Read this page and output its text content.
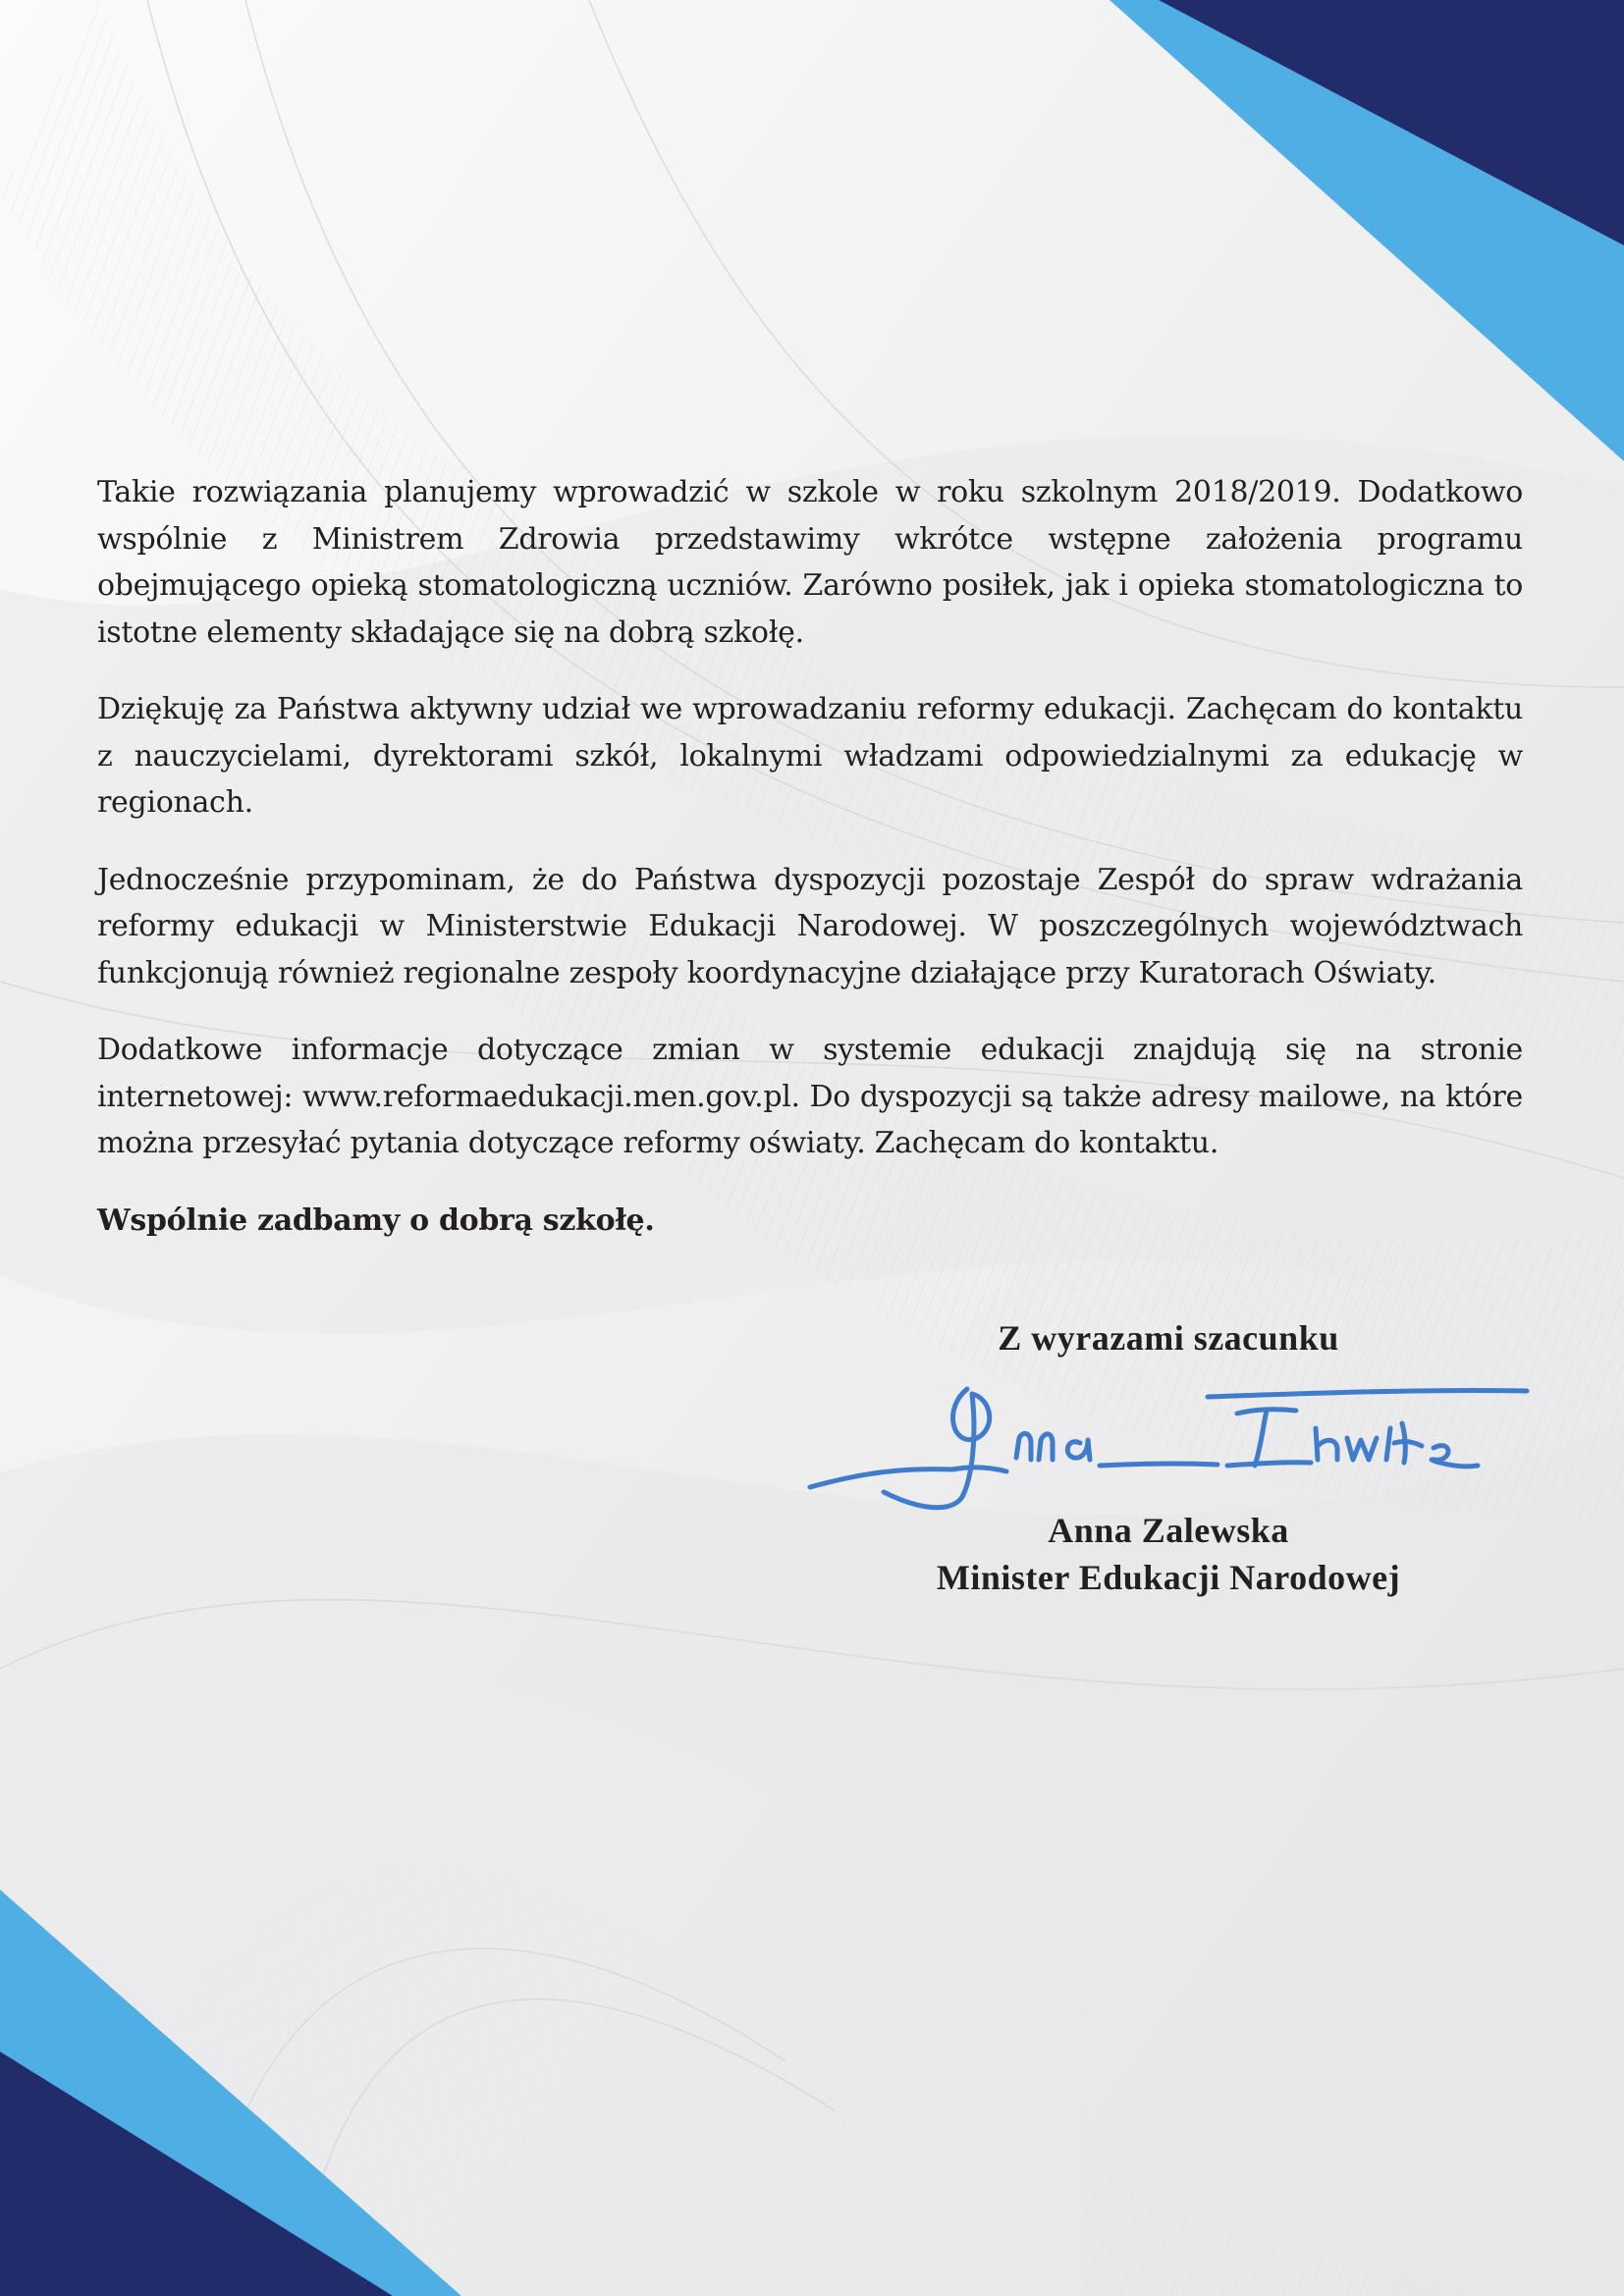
Takie rozwiązania planujemy wprowadzić w szkole w roku szkolnym 2018/2019. Dodatkowo wspólnie z Ministrem Zdrowia przedstawimy wkrótce wstępne założenia programu obejmującego opieką stomatologiczną uczniów. Zarówno posiłek, jak i opieka stomatologiczna to istotne elementy składające się na dobrą szkołę.

Dziękuję za Państwa aktywny udział we wprowadzaniu reformy edukacji. Zachęcam do kontaktu z nauczycielami, dyrektorami szkół, lokalnymi władzami odpowiedzialnymi za edukację w regionach.

Jednocześnie przypominam, że do Państwa dyspozycji pozostaje Zespół do spraw wdrażania reformy edukacji w Ministerstwie Edukacji Narodowej. W poszczególnych województwach funkcjonują również regionalne zespoły koordynacyjne działające przy Kuratorach Oświaty.

Dodatkowe informacje dotyczące zmian w systemie edukacji znajdują się na stronie internetowej: www.reformaedukacji.men.gov.pl. Do dyspozycji są także adresy mailowe, na które można przesyłać pytania dotyczące reformy oświaty. Zachęcam do kontaktu.

Wspólnie zadbamy o dobrą szkołę.

Z wyrazami szacunku
Anna Zalewska
Minister Edukacji Narodowej
